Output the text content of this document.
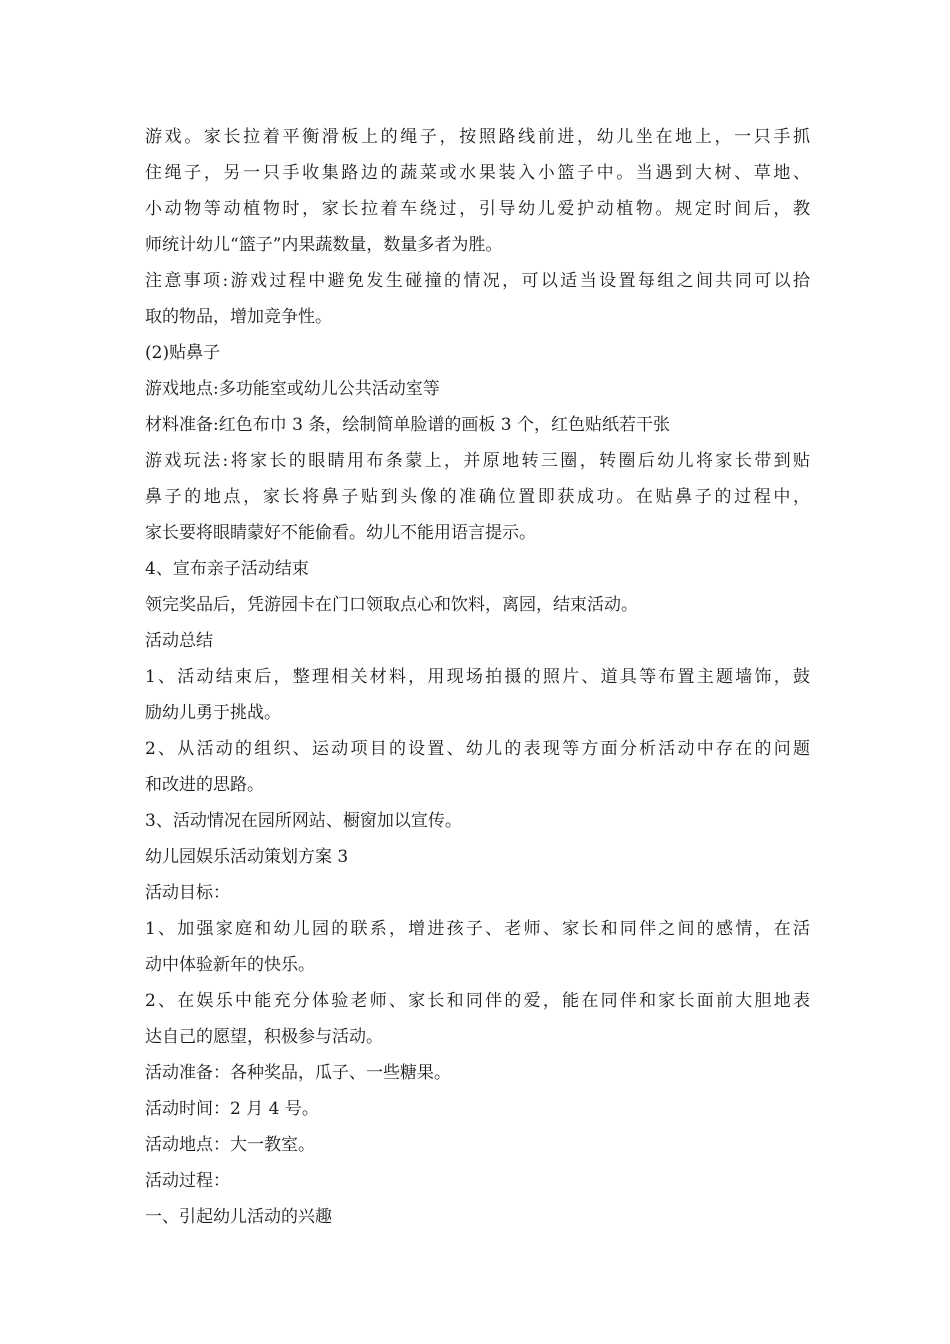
游戏。家长拉着平衡滑板上的绳子，按照路线前进，幼儿坐在地上，一只手抓
住绳子，另一只手收集路边的蔬菜或水果装入小篮子中。当遇到大树、草地、
小动物等动植物时，家长拉着车绕过，引导幼儿爱护动植物。规定时间后，教
师统计幼儿“篮子”内果蔬数量，数量多者为胜。
注意事项:游戏过程中避免发生碰撞的情况，可以适当设置每组之间共同可以拾
取的物品，增加竞争性。
(2)贴鼻子
游戏地点:多功能室或幼儿公共活动室等
材料准备:红色布巾 3 条，绘制简单脸谱的画板 3 个，红色贴纸若干张
游戏玩法:将家长的眼睛用布条蒙上，并原地转三圈，转圈后幼儿将家长带到贴
鼻子的地点，家长将鼻子贴到头像的准确位置即获成功。在贴鼻子的过程中，
家长要将眼睛蒙好不能偷看。幼儿不能用语言提示。
4、宣布亲子活动结束
领完奖品后，凭游园卡在门口领取点心和饮料，离园，结束活动。
活动总结
1、活动结束后，整理相关材料，用现场拍摄的照片、道具等布置主题墙饰，鼓
励幼儿勇于挑战。
2、从活动的组织、运动项目的设置、幼儿的表现等方面分析活动中存在的问题
和改进的思路。
3、活动情况在园所网站、橱窗加以宣传。
幼儿园娱乐活动策划方案 3
活动目标：
1、加强家庭和幼儿园的联系，增进孩子、老师、家长和同伴之间的感情，在活
动中体验新年的快乐。
2、在娱乐中能充分体验老师、家长和同伴的爱，能在同伴和家长面前大胆地表
达自己的愿望，积极参与活动。
活动准备：各种奖品，瓜子、一些糖果。
活动时间：2 月 4 号。
活动地点：大一教室。
活动过程：
一、引起幼儿活动的兴趣
